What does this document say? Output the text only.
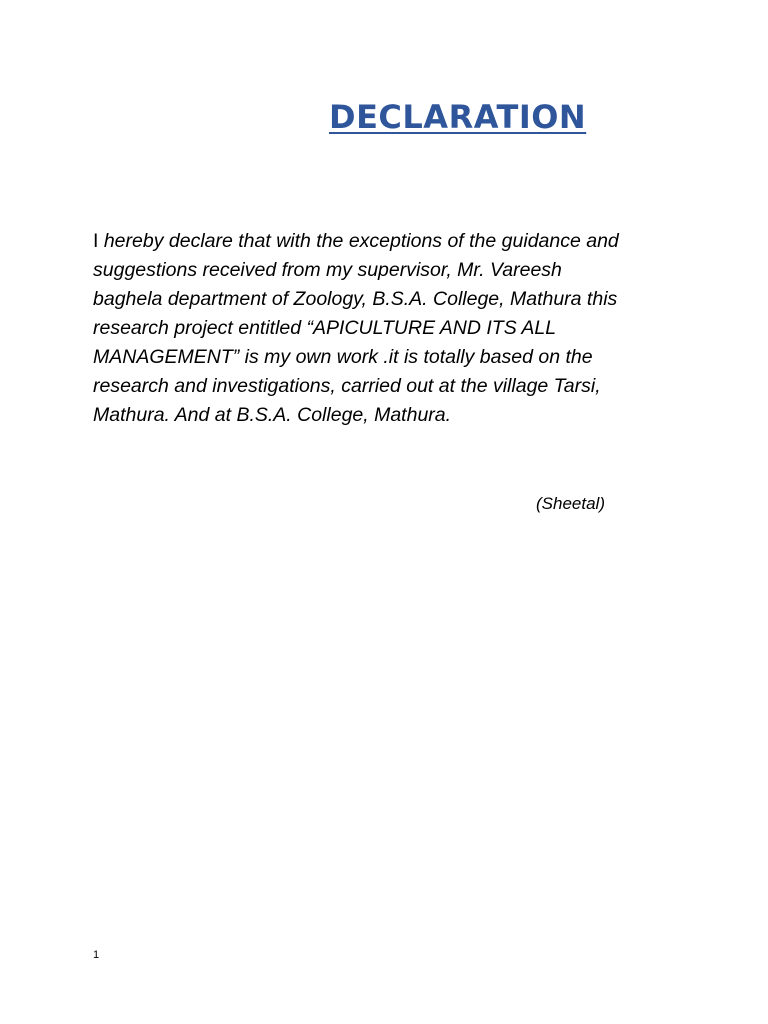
DECLARATION

I hereby declare that with the exceptions of the guidance and
suggestions received from my supervisor, Mr. Vareesh
baghela department of Zoology, B.S.A. College, Mathura this
research project entitled “APICULTURE AND ITS ALL
MANAGEMENT” is my own work .it is totally based on the
research and investigations, carried out at the village Tarsi,
Mathura. And at B.S.A. College, Mathura.

(Sheetal)

1
